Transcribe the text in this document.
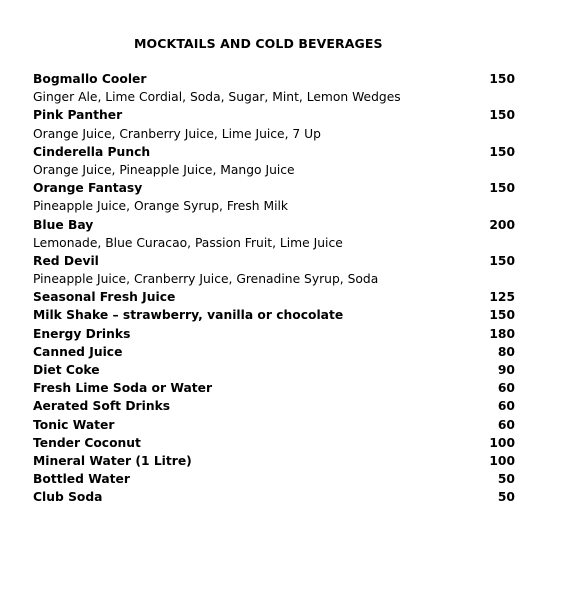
MOCKTAILS AND COLD BEVERAGES
Bogmallo Cooler	150
Ginger Ale, Lime Cordial, Soda, Sugar, Mint, Lemon Wedges
Pink Panther	150
Orange Juice, Cranberry Juice, Lime Juice, 7 Up
Cinderella Punch	150
Orange Juice, Pineapple Juice, Mango Juice
Orange Fantasy	150
Pineapple Juice, Orange Syrup, Fresh Milk
Blue Bay	200
Lemonade, Blue Curacao, Passion Fruit, Lime Juice
Red Devil	150
Pineapple Juice, Cranberry Juice, Grenadine Syrup, Soda
Seasonal Fresh Juice	125
Milk Shake – strawberry, vanilla or chocolate	150
Energy Drinks	180
Canned Juice	80
Diet Coke	90
Fresh Lime Soda or Water	60
Aerated Soft Drinks	60
Tonic Water	60
Tender Coconut	100
Mineral Water (1 Litre)	100
Bottled Water	50
Club Soda	50
